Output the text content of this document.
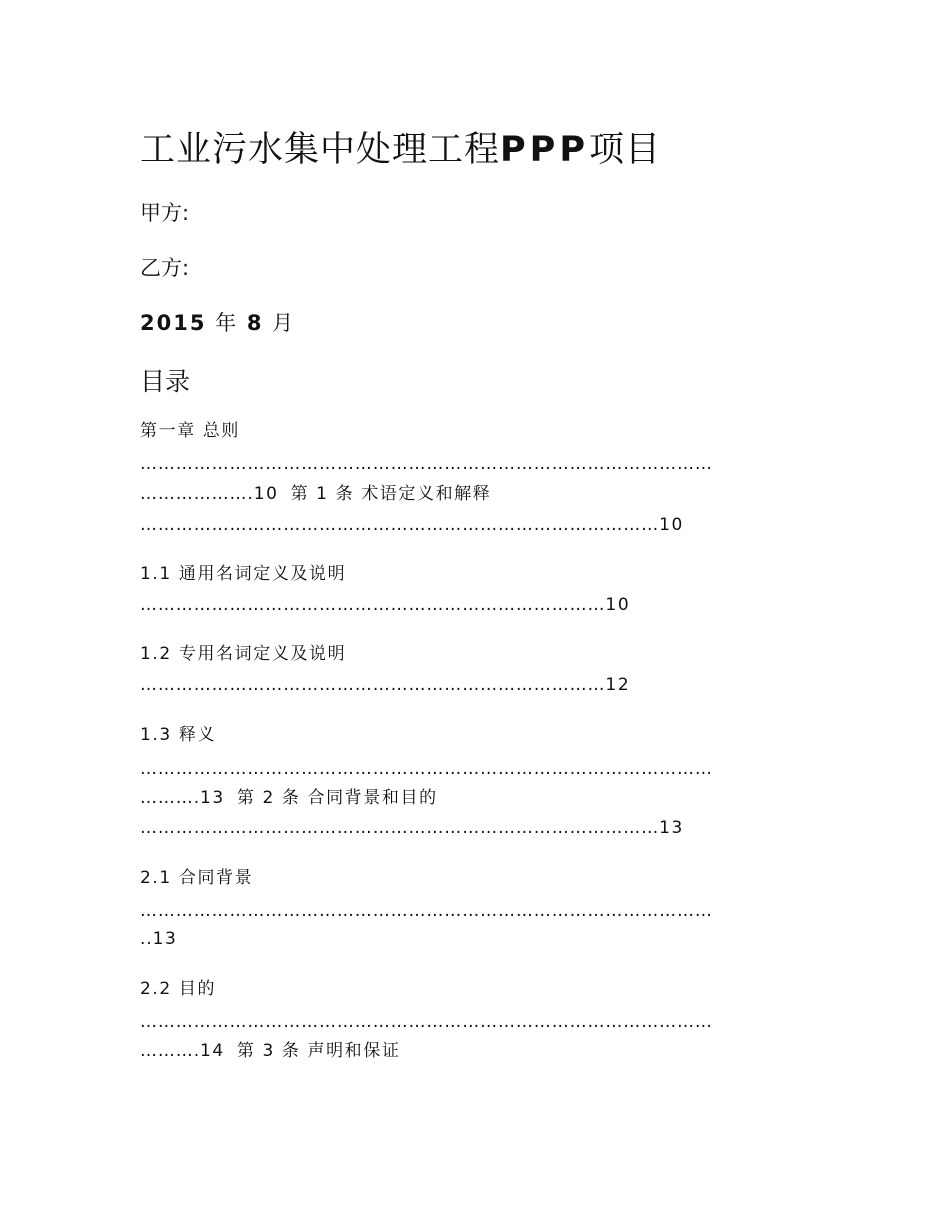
工业污水集中处理工程PPP项目

甲方:

乙方:

2015 年 8 月
目录
第一章 总则
……………………………………………………………………………………
……………….10 第 1 条 术语定义和解释
……………………………………………………………………………10
1.1 通用名词定义及说明
……………………………………………………………………10
1.2 专用名词定义及说明
……………………………………………………………………12
1.3 释义
……………………………………………………………………………………
……….13 第 2 条 合同背景和目的
……………………………………………………………………………13
2.1 合同背景
……………………………………………………………………………………
..13
2.2 目的
……………………………………………………………………………………
……….14 第 3 条 声明和保证
